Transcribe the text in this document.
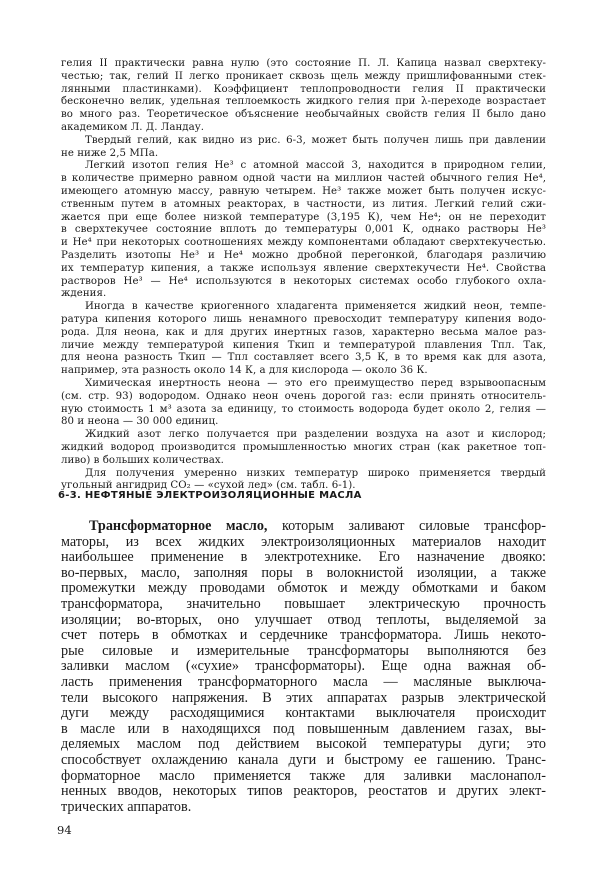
гелия II практически равна нулю (это состояние П. Л. Капица назвал сверхтеку-
честью; так, гелий II легко проникает сквозь щель между пришлифованными стек-
лянными пластинками). Коэффициент теплопроводности гелия II практически
бесконечно велик, удельная теплоемкость жидкого гелия при λ-переходе возрастает
во много раз. Теоретическое объяснение необычайных свойств гелия II было дано
академиком Л. Д. Ландау.
Твердый гелий, как видно из рис. 6-3, может быть получен лишь при давлении
не ниже 2,5 МПа.
Легкий изотоп гелия He³ с атомной массой 3, находится в природном гелии,
в количестве примерно равном одной части на миллион частей обычного гелия He⁴,
имеющего атомную массу, равную четырем. He³ также может быть получен искус-
ственным путем в атомных реакторах, в частности, из лития. Легкий гелий сжи-
жается при еще более низкой температуре (3,195 К), чем He⁴; он не переходит
в сверхтекучее состояние вплоть до температуры 0,001 К, однако растворы He³
и He⁴ при некоторых соотношениях между компонентами обладают сверхтекучестью.
Разделить изотопы He³ и He⁴ можно дробной перегонкой, благодаря различию
их температур кипения, а также используя явление сверхтекучести He⁴. Свойства
растворов He³ — He⁴ используются в некоторых системах особо глубокого охла-
ждения.
Иногда в качестве криогенного хладагента применяется жидкий неон, темпе-
ратура кипения которого лишь ненамного превосходит температуру кипения водо-
рода. Для неона, как и для других инертных газов, характерно весьма малое раз-
личие между температурой кипения Tкип и температурой плавления Tпл. Так,
для неона разность Tкип — Tпл составляет всего 3,5 К, в то время как для азота,
например, эта разность около 14 К, а для кислорода — около 36 К.
Химическая инертность неона — это его преимущество перед взрывоопасным
(см. стр. 93) водородом. Однако неон очень дорогой газ: если принять относитель-
ную стоимость 1 м³ азота за единицу, то стоимость водорода будет около 2, гелия —
80 и неона — 30 000 единиц.
Жидкий азот легко получается при разделении воздуха на азот и кислород;
жидкий водород производится промышленностью многих стран (как ракетное топ-
ливо) в больших количествах.
Для получения умеренно низких температур широко применяется твердый
угольный ангидрид CO₂ — «сухой лед» (см. табл. 6-1).
6-3. НЕФТЯНЫЕ ЭЛЕКТРОИЗОЛЯЦИОННЫЕ МАСЛА
Трансформаторное масло, которым заливают силовые трансфор-
маторы, из всех жидких электроизоляционных материалов находит
наибольшее применение в электротехнике. Его назначение двояко:
во-первых, масло, заполняя поры в волокнистой изоляции, а также
промежутки между проводами обмоток и между обмотками и баком
трансформатора, значительно повышает электрическую прочность
изоляции; во-вторых, оно улучшает отвод теплоты, выделяемой за
счет потерь в обмотках и сердечнике трансформатора. Лишь некото-
рые силовые и измерительные трансформаторы выполняются без
заливки маслом («сухие» трансформаторы). Еще одна важная об-
ласть применения трансформаторного масла — масляные выключа-
тели высокого напряжения. В этих аппаратах разрыв электрической
дуги между расходящимися контактами выключателя происходит
в масле или в находящихся под повышенным давлением газах, вы-
деляемых маслом под действием высокой температуры дуги; это
способствует охлаждению канала дуги и быстрому ее гашению. Транс-
форматорное масло применяется также для заливки маслонапол-
ненных вводов, некоторых типов реакторов, реостатов и других элект-
трических аппаратов.
94
